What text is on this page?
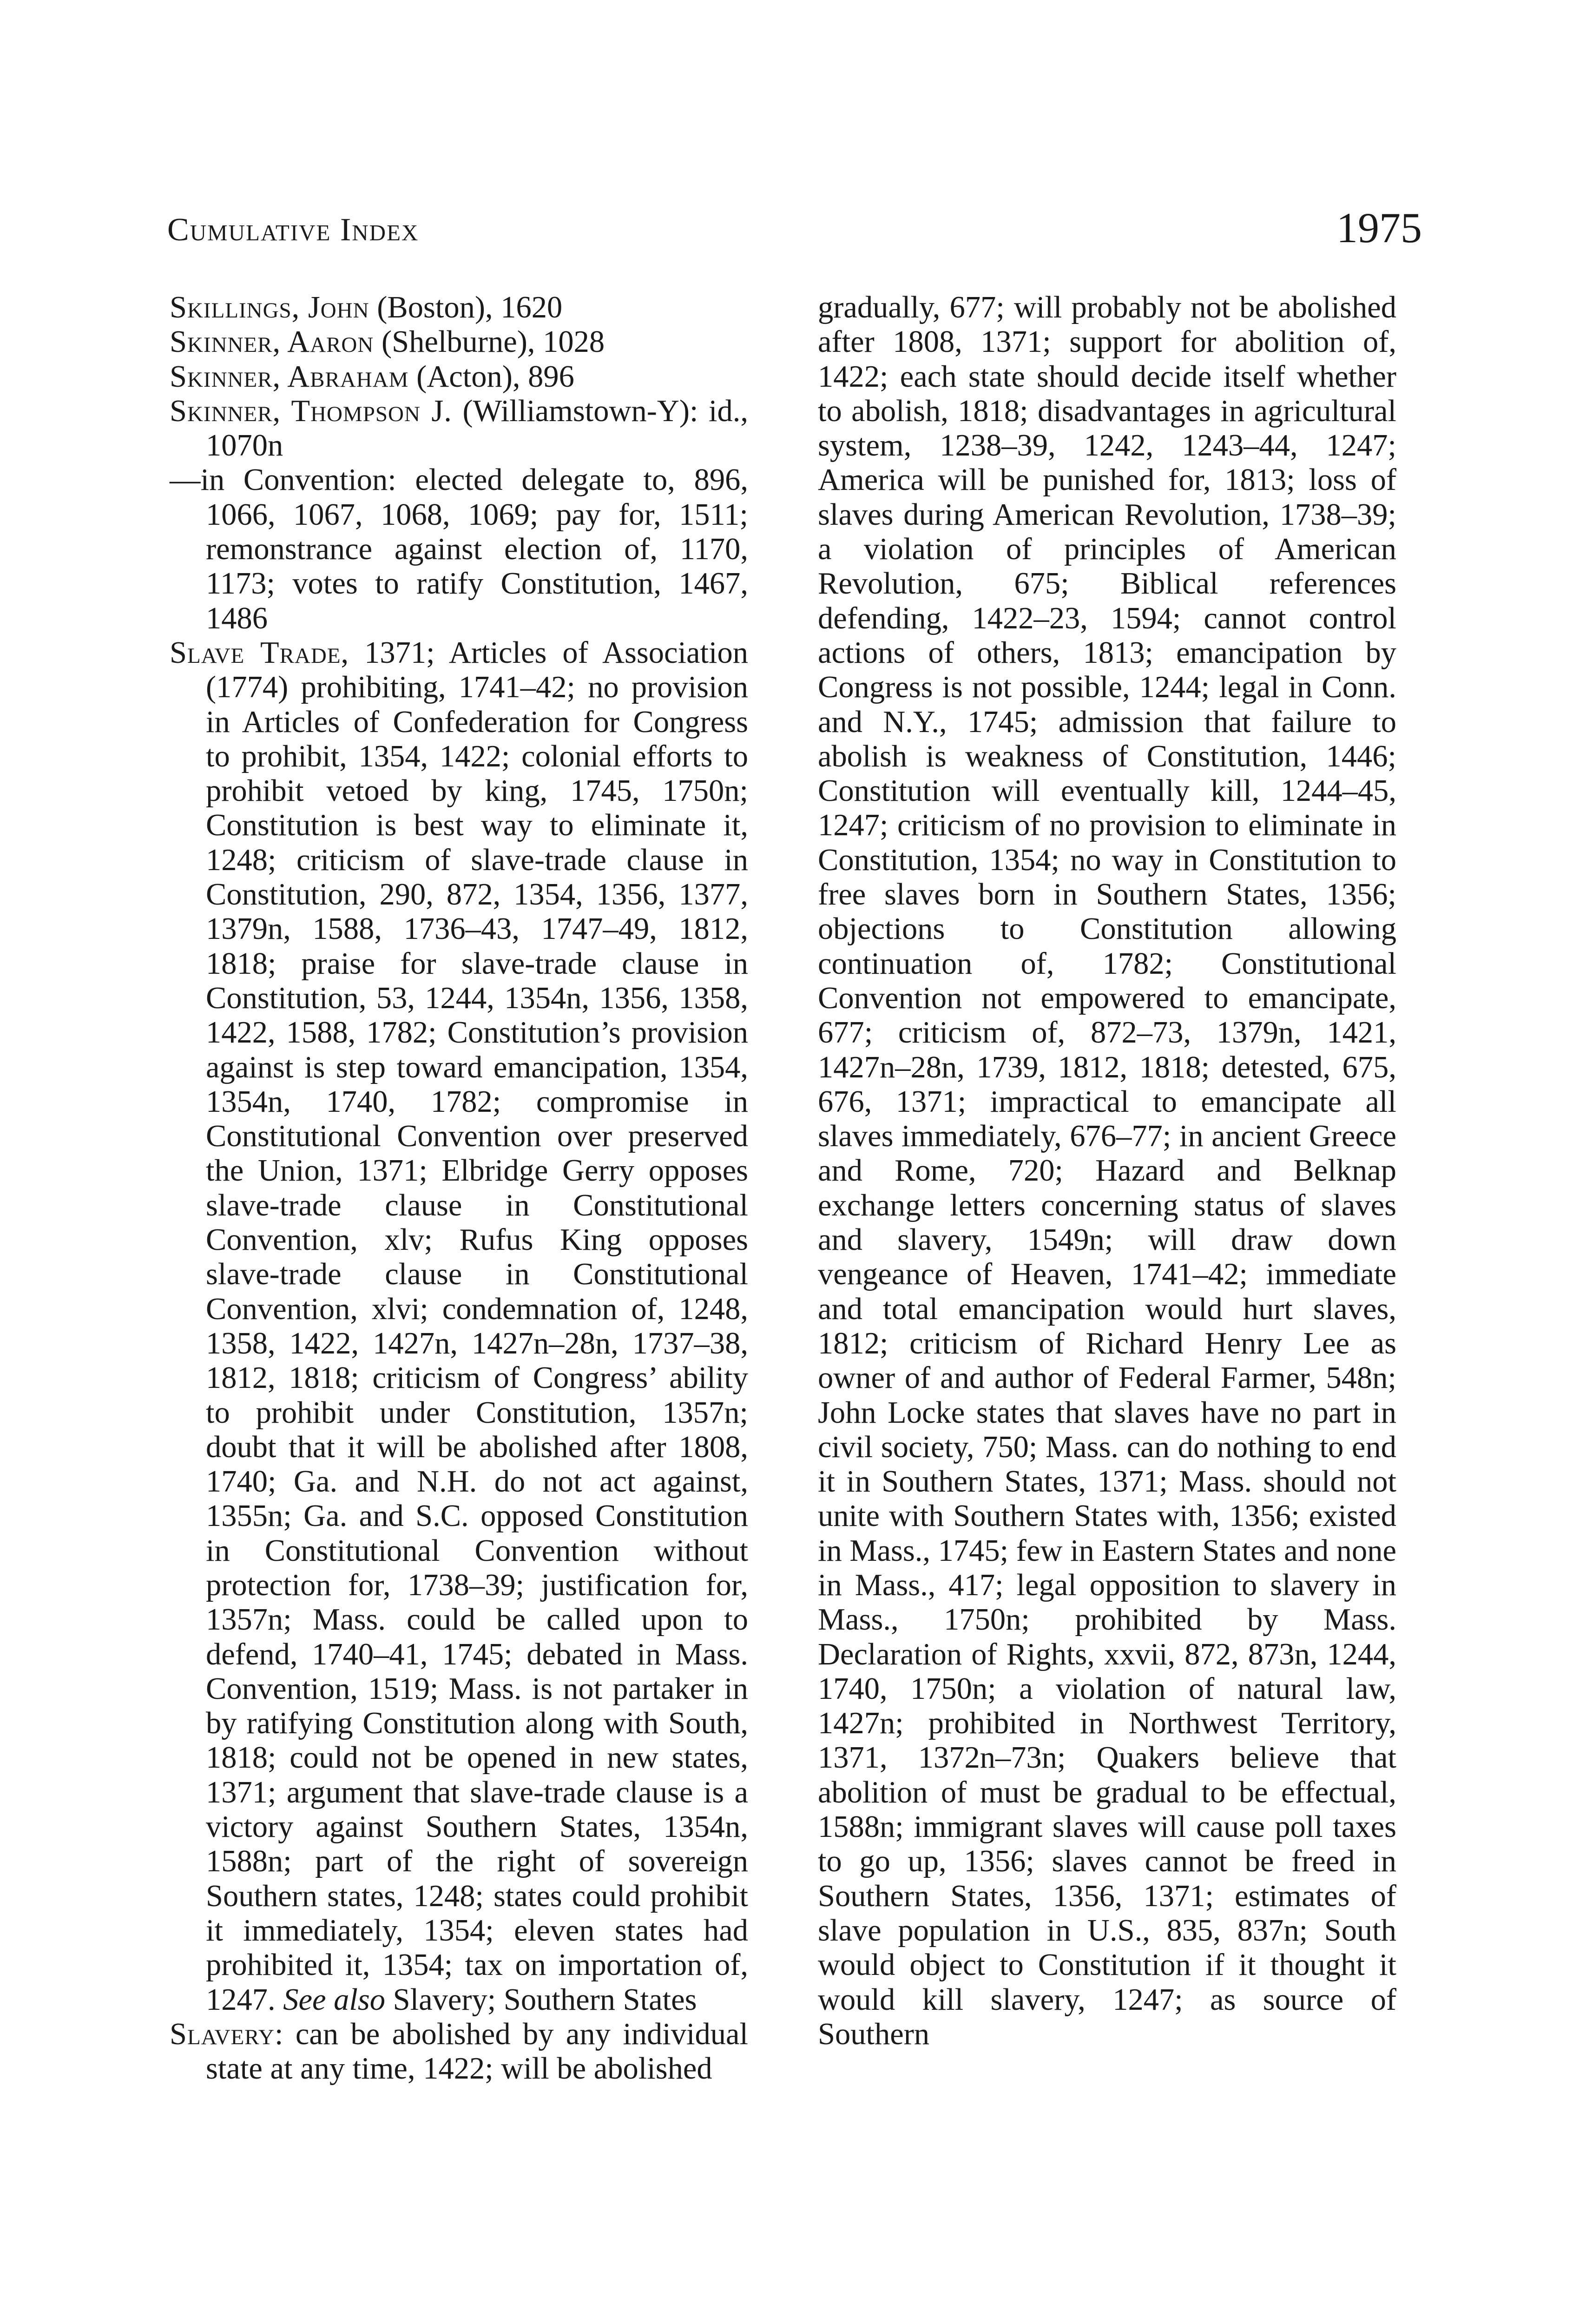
Cumulative Index	1975

Skillings, John (Boston), 1620

Skinner, Aaron (Shelburne), 1028

Skinner, Abraham (Acton), 896

Skinner, Thompson J. (Williamstown-Y): id., 1070n

—in Convention: elected delegate to, 896, 1066, 1067, 1068, 1069; pay for, 1511; remonstrance against election of, 1170, 1173; votes to ratify Constitution, 1467, 1486

Slave Trade, 1371; Articles of Association (1774) prohibiting, 1741–42; no provision in Articles of Confederation for Congress to prohibit, 1354, 1422; colonial efforts to prohibit vetoed by king, 1745, 1750n; Constitution is best way to eliminate it, 1248; criticism of slave-trade clause in Constitution, 290, 872, 1354, 1356, 1377, 1379n, 1588, 1736–43, 1747–49, 1812, 1818; praise for slave-trade clause in Constitution, 53, 1244, 1354n, 1356, 1358, 1422, 1588, 1782; Constitution’s provision against is step toward emancipation, 1354, 1354n, 1740, 1782; compromise in Constitutional Convention over preserved the Union, 1371; Elbridge Gerry opposes slave-trade clause in Constitutional Convention, xlv; Rufus King opposes slave-trade clause in Constitutional Convention, xlvi; condemnation of, 1248, 1358, 1422, 1427n, 1427n–28n, 1737–38, 1812, 1818; criticism of Congress’ ability to prohibit under Constitution, 1357n; doubt that it will be abolished after 1808, 1740; Ga. and N.H. do not act against, 1355n; Ga. and S.C. opposed Constitution in Constitutional Convention without protection for, 1738–39; justification for, 1357n; Mass. could be called upon to defend, 1740–41, 1745; debated in Mass. Convention, 1519; Mass. is not partaker in by ratifying Constitution along with South, 1818; could not be opened in new states, 1371; argument that slave-trade clause is a victory against Southern States, 1354n, 1588n; part of the right of sovereign Southern states, 1248; states could prohibit it immediately, 1354; eleven states had prohibited it, 1354; tax on importation of, 1247. See also Slavery; Southern States

Slavery: can be abolished by any individual state at any time, 1422; will be abolished

gradually, 677; will probably not be abolished after 1808, 1371; support for abolition of, 1422; each state should decide itself whether to abolish, 1818; disadvantages in agricultural system, 1238–39, 1242, 1243–44, 1247; America will be punished for, 1813; loss of slaves during American Revolution, 1738–39; a violation of principles of American Revolution, 675; Biblical references defending, 1422–23, 1594; cannot control actions of others, 1813; emancipation by Congress is not possible, 1244; legal in Conn. and N.Y., 1745; admission that failure to abolish is weakness of Constitution, 1446; Constitution will eventually kill, 1244–45, 1247; criticism of no provision to eliminate in Constitution, 1354; no way in Constitution to free slaves born in Southern States, 1356; objections to Constitution allowing continuation of, 1782; Constitutional Convention not empowered to emancipate, 677; criticism of, 872–73, 1379n, 1421, 1427n–28n, 1739, 1812, 1818; detested, 675, 676, 1371; impractical to emancipate all slaves immediately, 676–77; in ancient Greece and Rome, 720; Hazard and Belknap exchange letters concerning status of slaves and slavery, 1549n; will draw down vengeance of Heaven, 1741–42; immediate and total emancipation would hurt slaves, 1812; criticism of Richard Henry Lee as owner of and author of Federal Farmer, 548n; John Locke states that slaves have no part in civil society, 750; Mass. can do nothing to end it in Southern States, 1371; Mass. should not unite with Southern States with, 1356; existed in Mass., 1745; few in Eastern States and none in Mass., 417; legal opposition to slavery in Mass., 1750n; prohibited by Mass. Declaration of Rights, xxvii, 872, 873n, 1244, 1740, 1750n; a violation of natural law, 1427n; prohibited in Northwest Territory, 1371, 1372n–73n; Quakers believe that abolition of must be gradual to be effectual, 1588n; immigrant slaves will cause poll taxes to go up, 1356; slaves cannot be freed in Southern States, 1356, 1371; estimates of slave population in U.S., 835, 837n; South would object to Constitution if it thought it would kill slavery, 1247; as source of Southern
